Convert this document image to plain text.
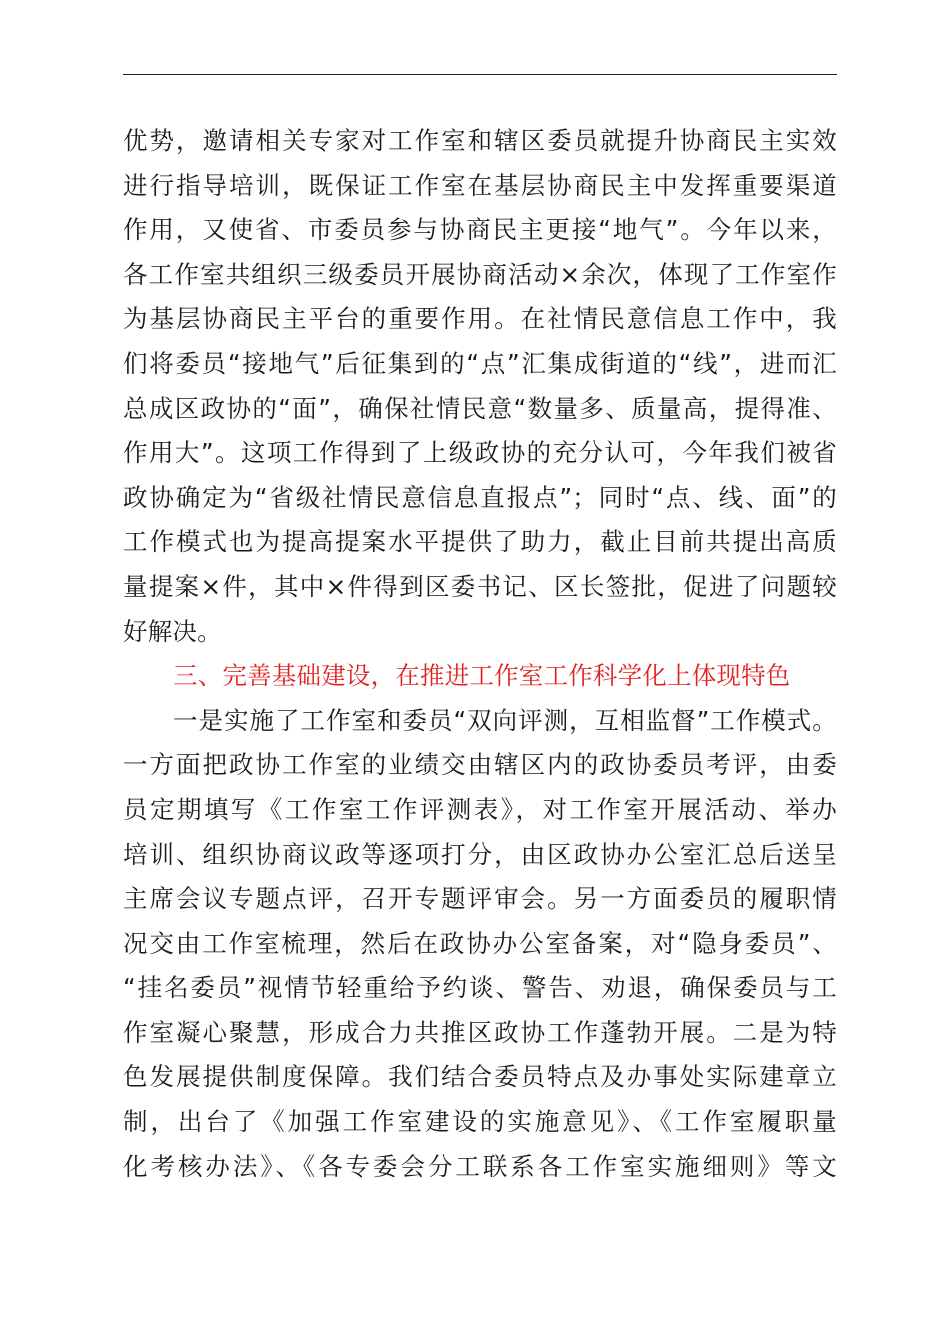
优势，邀请相关专家对工作室和辖区委员就提升协商民主实效
进行指导培训，既保证工作室在基层协商民主中发挥重要渠道
作用，又使省、市委员参与协商民主更接“地气”。今年以来，
各工作室共组织三级委员开展协商活动×余次，体现了工作室作
为基层协商民主平台的重要作用。在社情民意信息工作中，我
们将委员“接地气”后征集到的“点”汇集成街道的“线”，进而汇
总成区政协的“面”，确保社情民意“数量多、质量高，提得准、
作用大”。这项工作得到了上级政协的充分认可，今年我们被省
政协确定为“省级社情民意信息直报点”；同时“点、线、面”的
工作模式也为提高提案水平提供了助力，截止目前共提出高质
量提案×件，其中×件得到区委书记、区长签批，促进了问题较
好解决。
三、完善基础建设，在推进工作室工作科学化上体现特色
一是实施了工作室和委员“双向评测，互相监督”工作模式。
一方面把政协工作室的业绩交由辖区内的政协委员考评，由委
员定期填写《工作室工作评测表》，对工作室开展活动、举办
培训、组织协商议政等逐项打分，由区政协办公室汇总后送呈
主席会议专题点评，召开专题评审会。另一方面委员的履职情
况交由工作室梳理，然后在政协办公室备案，对“隐身委员”、
“挂名委员”视情节轻重给予约谈、警告、劝退，确保委员与工
作室凝心聚慧，形成合力共推区政协工作蓬勃开展。二是为特
色发展提供制度保障。我们结合委员特点及办事处实际建章立
制，出台了《加强工作室建设的实施意见》、《工作室履职量
化考核办法》、《各专委会分工联系各工作室实施细则》等文
